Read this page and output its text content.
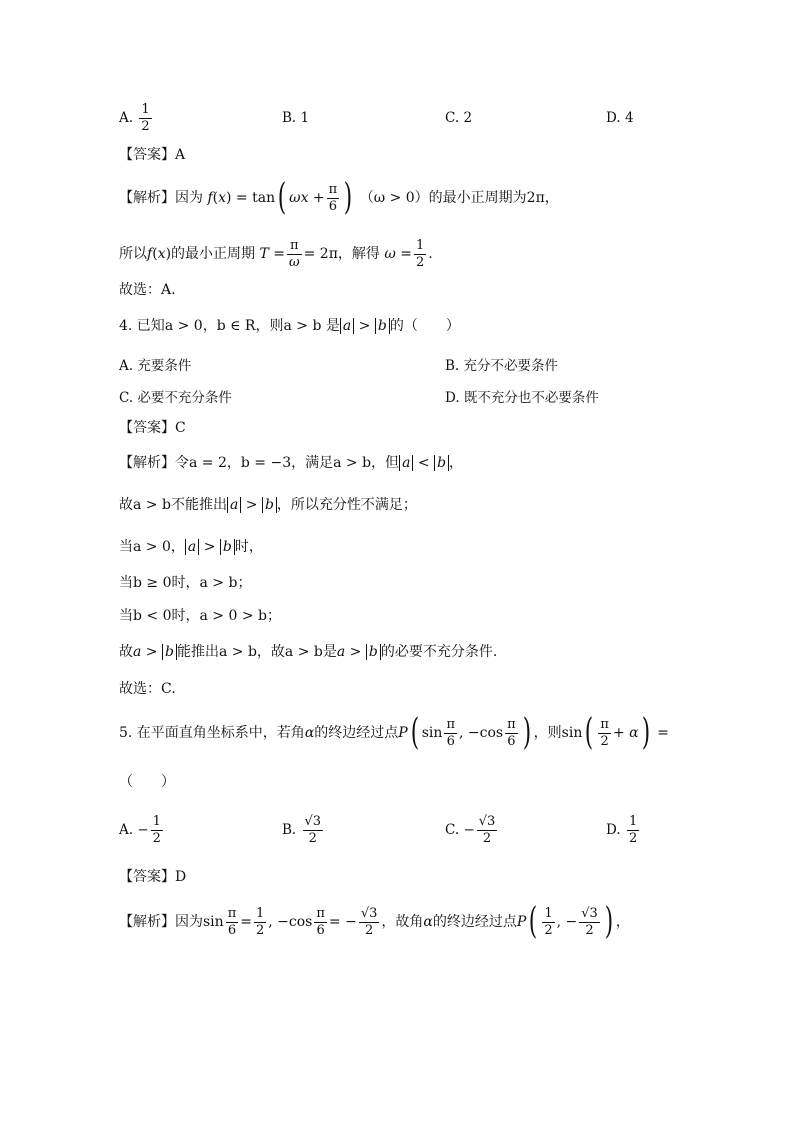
A. $\frac{1}{2}$	B. 1	C. 2	D. 4
【答案】A
【解析】因为 f(x) = tan( $\omega x + \frac{\pi}{6}$ ) （ω > 0）的最小正周期为2π，
所以f(x)的最小正周期 $T = \frac{\pi}{\omega} = 2\pi$，解得 $\omega = \frac{1}{2}$ .
故选：A.
4. 已知a > 0，b ∈ R，则a > b 是 a > b 的（　　）
A. 充要条件	B. 充分不必要条件
C. 必要不充分条件	D. 既不充分也不必要条件
【答案】C
【解析】令a = 2，b = −3，满足a > b，但 a < b ，
故a > b不能推出 a > b ，所以充分性不满足；
当a > 0， a > b 时，
当b ≥ 0时，a > b；
当b < 0时，a > 0 > b；
故a > b 能推出a > b，故a > b是a > b 的必要不充分条件.
故选：C.
5. 在平面直角坐标系中，若角α的终边经过点P( $\sin \frac{\pi}{6}$ , $-\cos \frac{\pi}{6}$ ) ，则$\sin( \frac{\pi}{2} + \alpha)$ =
（　　）
A. − $\frac{1}{2}$	B. $\frac{√3}{2}$	C. − $\frac{√3}{2}$	D. $\frac{1}{2}$
【答案】D
【解析】因为$\sin \frac{\pi}{6} = \frac{1}{2}$ , $-\cos \frac{\pi}{6}$ = − $\frac{√3}{2}$ ，故角α的终边经过点$P( \frac{1}{2}$ , − $\frac{√3}{2}$ ) ，
